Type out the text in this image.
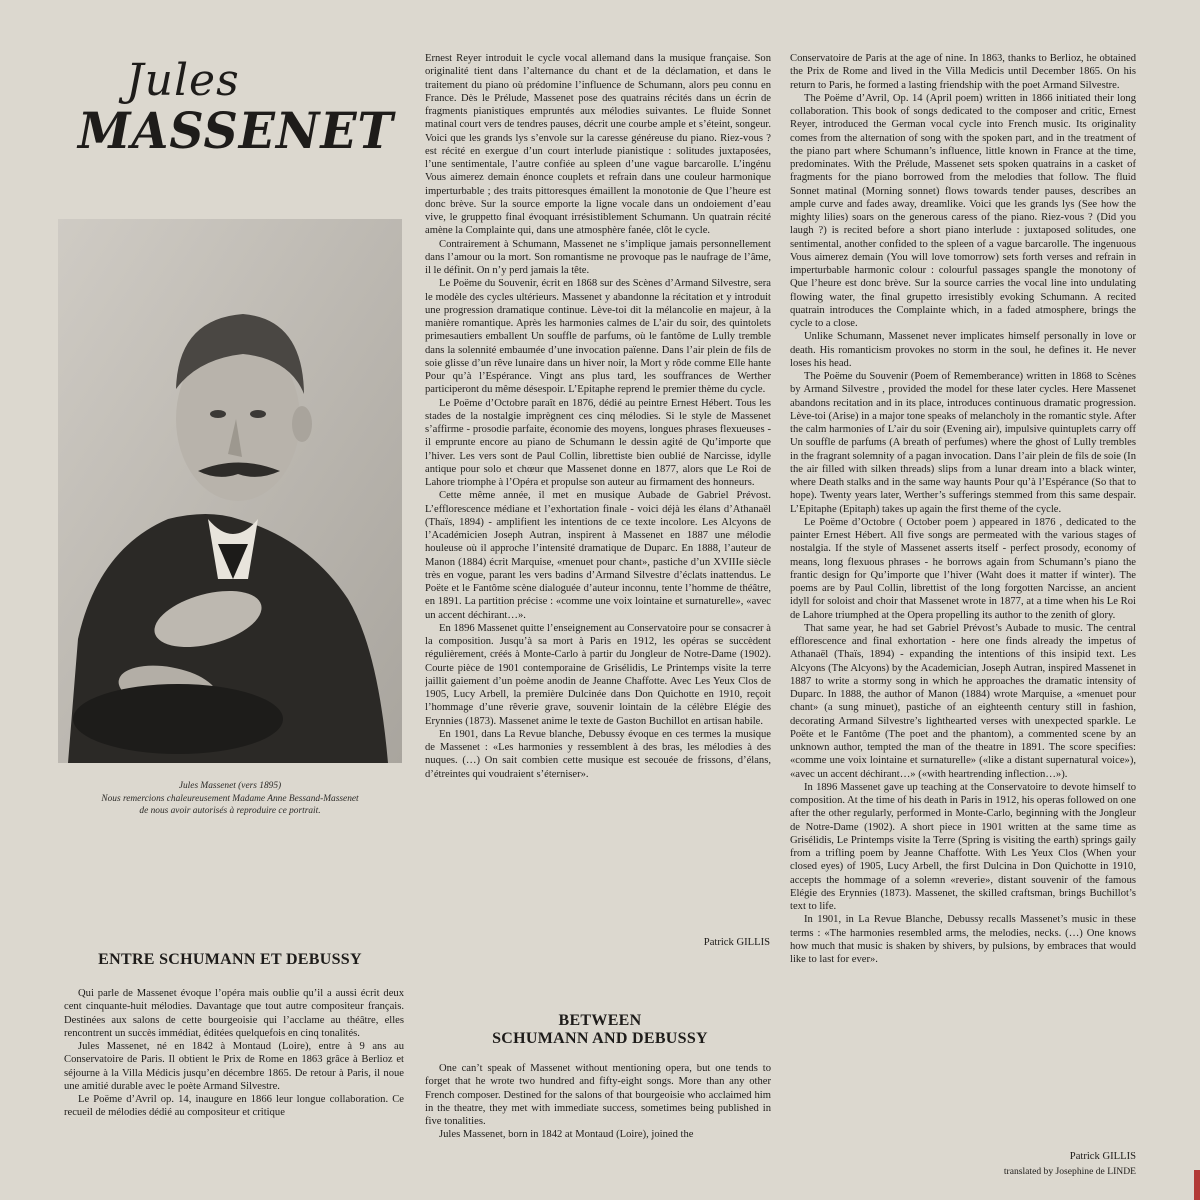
Jules
MASSENET
Jules Massenet (vers 1895)
Nous remercions chaleureusement Madame Anne Bessand-Massenet
de nous avoir autorisés à reproduire ce portrait.
ENTRE SCHUMANN ET DEBUSSY

Qui parle de Massenet évoque l’opéra mais oublie qu’il a aussi écrit deux cent cinquante-huit mélodies. Davantage que tout autre compositeur français. Destinées aux salons de cette bourgeoisie qui l’acclame au théâtre, elles rencontrent un succès immédiat, éditées quelquefois en cinq tonalités.

Jules Massenet, né en 1842 à Montaud (Loire), entre à 9 ans au Conservatoire de Paris. Il obtient le Prix de Rome en 1863 grâce à Berlioz et séjourne à la Villa Médicis jusqu’en décembre 1865. De retour à Paris, il noue une amitié durable avec le poète Armand Silvestre.

Le Poëme d’Avril op. 14, inaugure en 1866 leur longue collaboration. Ce recueil de mélodies dédié au compositeur et critique

Ernest Reyer introduit le cycle vocal allemand dans la musique française. Son originalité tient dans l’alternance du chant et de la déclamation, et dans le traitement du piano où prédomine l’influence de Schumann, alors peu connu en France. Dès le Prélude, Massenet pose des quatrains récités dans un écrin de fragments pianistiques empruntés aux mélodies suivantes. Le fluide Sonnet matinal court vers de tendres pauses, décrit une courbe ample et s’éteint, songeur. Voici que les grands lys s’envole sur la caresse généreuse du piano. Riez-vous ? est récité en exergue d’un court interlude pianistique : solitudes juxtaposées, l’une sentimentale, l’autre confiée au spleen d’une vague barcarolle. L’ingénu Vous aimerez demain énonce couplets et refrain dans une couleur harmonique imperturbable ; des traits pittoresques émaillent la monotonie de Que l’heure est donc brève. Sur la source emporte la ligne vocale dans un ondoiement d’eau vive, le gruppetto final évoquant irrésistiblement Schumann. Un quatrain récité amène la Complainte qui, dans une atmosphère fanée, clôt le cycle.

Contrairement à Schumann, Massenet ne s’implique jamais personnellement dans l’amour ou la mort. Son romantisme ne provoque pas le naufrage de l’âme, il le définit. On n’y perd jamais la tête.

Le Poëme du Souvenir, écrit en 1868 sur des Scènes d’Armand Silvestre, sera le modèle des cycles ultérieurs. Massenet y abandonne la récitation et y introduit une progression dramatique continue. Lève-toi dit la mélancolie en majeur, à la manière romantique. Après les harmonies calmes de L’air du soir, des quintolets primesautiers emballent Un souffle de parfums, où le fantôme de Lully tremble dans la solennité embaumée d’une invocation païenne. Dans l’air plein de fils de soie glisse d’un rêve lunaire dans un hiver noir, la Mort y rôde comme Elle hante Pour qu’à l’Espérance. Vingt ans plus tard, les souffrances de Werther participeront du même désespoir. L’Epitaphe reprend le premier thème du cycle.

Le Poëme d’Octobre paraît en 1876, dédié au peintre Ernest Hébert. Tous les stades de la nostalgie imprègnent ces cinq mélodies. Si le style de Massenet s’affirme - prosodie parfaite, économie des moyens, longues phrases flexueuses - il emprunte encore au piano de Schumann le dessin agité de Qu’importe que l’hiver. Les vers sont de Paul Collin, librettiste bien oublié de Narcisse, idylle antique pour solo et chœur que Massenet donne en 1877, alors que Le Roi de Lahore triomphe à l’Opéra et propulse son auteur au firmament des honneurs.

Cette même année, il met en musique Aubade de Gabriel Prévost. L’efflorescence médiane et l’exhortation finale - voici déjà les élans d’Athanaël (Thaïs, 1894) - amplifient les intentions de ce texte incolore. Les Alcyons de l’Académicien Joseph Autran, inspirent à Massenet en 1887 une mélodie houleuse où il approche l’intensité dramatique de Duparc. En 1888, l’auteur de Manon (1884) écrit Marquise, «menuet pour chant», pastiche d’un XVIIIe siècle très en vogue, parant les vers badins d’Armand Silvestre d’éclats inattendus. Le Poëte et le Fantôme scène dialoguée d’auteur inconnu, tente l’homme de théâtre, en 1891. La partition précise : «comme une voix lointaine et surnaturelle», «avec un accent déchirant…».

En 1896 Massenet quitte l’enseignement au Conservatoire pour se consacrer à la composition. Jusqu’à sa mort à Paris en 1912, les opéras se succèdent régulièrement, créés à Monte-Carlo à partir du Jongleur de Notre-Dame (1902). Courte pièce de 1901 contemporaine de Grisélidis, Le Printemps visite la terre jaillit gaiement d’un poème anodin de Jeanne Chaffotte. Avec Les Yeux Clos de 1905, Lucy Arbell, la première Dulcinée dans Don Quichotte en 1910, reçoit l’hommage d’une rêverie grave, souvenir lointain de la célèbre Elégie des Erynnies (1873). Massenet anime le texte de Gaston Buchillot en artisan habile.

En 1901, dans La Revue blanche, Debussy évoque en ces termes la musique de Massenet : «Les harmonies y ressemblent à des bras, les mélodies à des nuques. (…) On sait combien cette musique est secouée de frissons, d’élans, d’étreintes qui voudraient s’éterniser».

Patrick GILLIS
BETWEEN
SCHUMANN AND DEBUSSY

One can’t speak of Massenet without mentioning opera, but one tends to forget that he wrote two hundred and fifty-eight songs. More than any other French composer. Destined for the salons of that bourgeoisie who acclaimed him in the theatre, they met with immediate success, sometimes being published in five tonalities.

Jules Massenet, born in 1842 at Montaud (Loire), joined the

Conservatoire de Paris at the age of nine. In 1863, thanks to Berlioz, he obtained the Prix de Rome and lived in the Villa Medicis until December 1865. On his return to Paris, he formed a lasting friendship with the poet Armand Silvestre.

The Poëme d’Avril, Op. 14 (April poem) written in 1866 initiated their long collaboration. This book of songs dedicated to the composer and critic, Ernest Reyer, introduced the German vocal cycle into French music. Its originality comes from the alternation of song with the spoken part, and in the treatment of the piano part where Schumann’s influence, little known in France at the time, predominates. With the Prélude, Massenet sets spoken quatrains in a casket of fragments for the piano borrowed from the melodies that follow. The fluid Sonnet matinal (Morning sonnet) flows towards tender pauses, describes an ample curve and fades away, dreamlike. Voici que les grands lys (See how the mighty lilies) soars on the generous caress of the piano. Riez-vous ? (Did you laugh ?) is recited before a short piano interlude : juxtaposed solitudes, one sentimental, another confided to the spleen of a vague barcarolle. The ingenuous Vous aimerez demain (You will love tomorrow) sets forth verses and refrain in imperturbable harmonic colour : colourful passages spangle the monotony of Que l’heure est donc brève. Sur la source carries the vocal line into undulating flowing water, the final grupetto irresistibly evoking Schumann. A recited quatrain introduces the Complainte which, in a faded atmosphere, brings the cycle to a close.

Unlike Schumann, Massenet never implicates himself personally in love or death. His romanticism provokes no storm in the soul, he defines it. He never loses his head.

The Poëme du Souvenir (Poem of Rememberance) written in 1868 to Scènes by Armand Silvestre , provided the model for these later cycles. Here Massenet abandons recitation and in its place, introduces continuous dramatic progression. Lève-toi (Arise) in a major tone speaks of melancholy in the romantic style. After the calm harmonies of L’air du soir (Evening air), impulsive quintuplets carry off Un souffle de parfums (A breath of perfumes) where the ghost of Lully trembles in the fragrant solemnity of a pagan invocation. Dans l’air plein de fils de soie (In the air filled with silken threads) slips from a lunar dream into a black winter, where Death stalks and in the same way haunts Pour qu’à l’Espérance (So that to hope). Twenty years later, Werther’s sufferings stemmed from this same despair. L’Epitaphe (Epitaph) takes up again the first theme of the cycle.

Le Poëme d’Octobre ( October poem ) appeared in 1876 , dedicated to the painter Ernest Hébert. All five songs are permeated with the various stages of nostalgia. If the style of Massenet asserts itself - perfect prosody, economy of means, long flexuous phrases - he borrows again from Schumann’s piano the frantic design for Qu’importe que l’hiver (Waht does it matter if winter). The poems are by Paul Collin, librettist of the long forgotten Narcisse, an ancient idyll for soloist and choir that Massenet wrote in 1877, at a time when his Le Roi de Lahore triumphed at the Opera propelling its author to the zenith of glory.

That same year, he had set Gabriel Prévost’s Aubade to music. The central efflorescence and final exhortation - here one finds already the impetus of Athanaël (Thaïs, 1894) - expanding the intentions of this insipid text. Les Alcyons (The Alcyons) by the Academician, Joseph Autran, inspired Massenet in 1887 to write a stormy song in which he approaches the dramatic intensity of Duparc. In 1888, the author of Manon (1884) wrote Marquise, a «menuet pour chant» (a sung minuet), pastiche of an eighteenth century still in fashion, decorating Armand Silvestre’s lighthearted verses with unexpected sparkle. Le Poëte et le Fantôme (The poet and the phantom), a commented scene by an unknown author, tempted the man of the theatre in 1891. The score specifies: «comme une voix lointaine et surnaturelle» («like a distant supernatural voice»), «avec un accent déchirant…» («with heartrending inflection…»).

In 1896 Massenet gave up teaching at the Conservatoire to devote himself to composition. At the time of his death in Paris in 1912, his operas followed on one after the other regularly, performed in Monte-Carlo, beginning with the Jongleur de Notre-Dame (1902). A short piece in 1901 written at the same time as Grisélidis, Le Printemps visite la Terre (Spring is visiting the earth) springs gaily from a trifling poem by Jeanne Chaffotte. With Les Yeux Clos (When your closed eyes) of 1905, Lucy Arbell, the first Dulcina in Don Quichotte in 1910, accepts the hommage of a solemn «reverie», distant souvenir of the famous Elégie des Erynnies (1873). Massenet, the skilled craftsman, brings Buchillot’s text to life.

In 1901, in La Revue Blanche, Debussy recalls Massenet’s music in these terms : «The harmonies resembled arms, the melodies, necks. (…) One knows how much that music is shaken by shivers, by pulsions, by embraces that would like to last for ever».

Patrick GILLIS
translated by Josephine de LINDE
